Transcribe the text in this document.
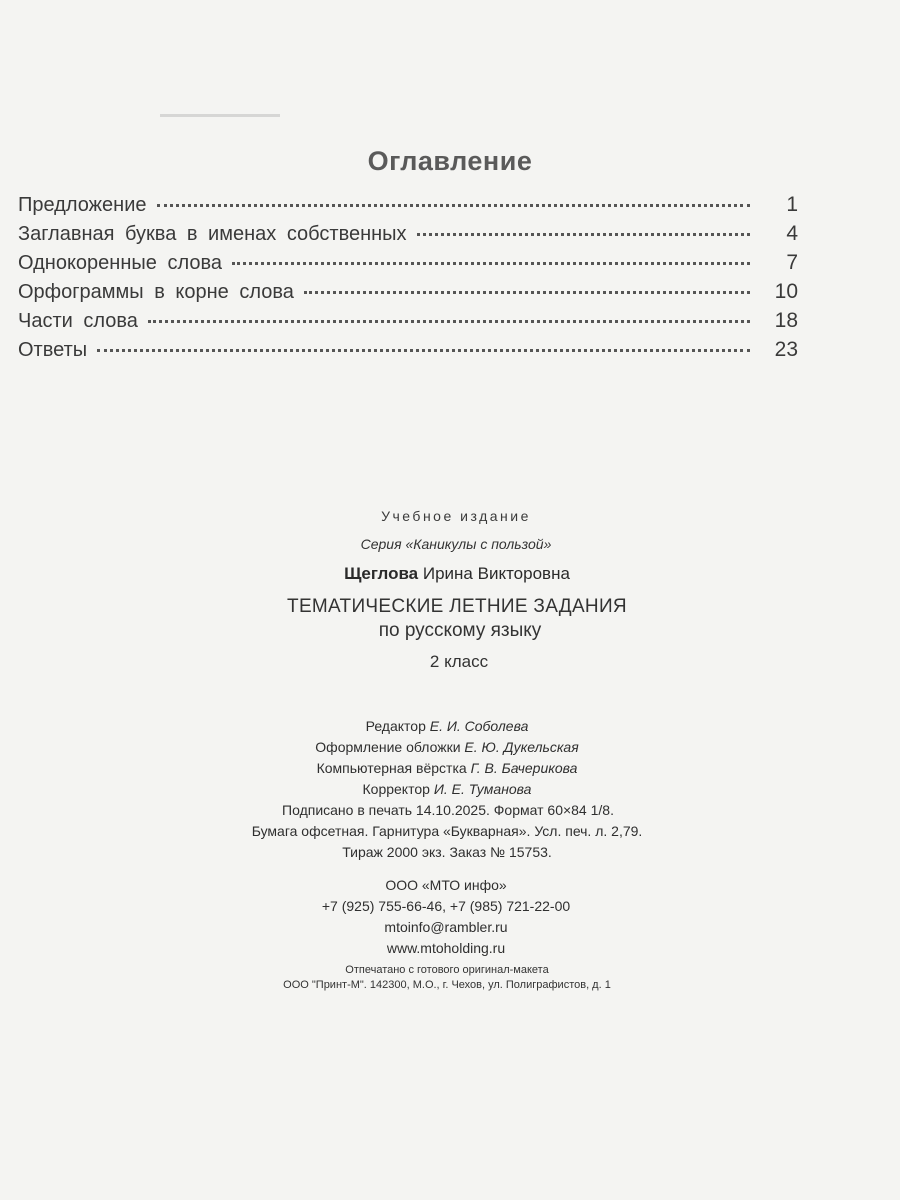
Оглавление
Предложение	1
Заглавная буква в именах собственных	4
Однокоренные слова	7
Орфограммы в корне слова	10
Части слова	18
Ответы	23
Учебное издание
Серия «Каникулы с пользой»
Щеглова Ирина Викторовна
ТЕМАТИЧЕСКИЕ ЛЕТНИЕ ЗАДАНИЯ
по русскому языку
2 класс
Редактор Е. И. Соболева
Оформление обложки Е. Ю. Дукельская
Компьютерная вёрстка Г. В. Бачерикова
Корректор И. Е. Туманова
Подписано в печать 14.10.2025. Формат 60×84 1/8.
Бумага офсетная. Гарнитура «Букварная». Усл. печ. л. 2,79.
Тираж 2000 экз. Заказ № 15753.
ООО «МТО инфо»
+7 (925) 755-66-46, +7 (985) 721-22-00
mtoinfo@rambler.ru
www.mtoholding.ru
Отпечатано с готового оригинал-макета
ООО "Принт-М". 142300, М.О., г. Чехов, ул. Полиграфистов, д. 1
